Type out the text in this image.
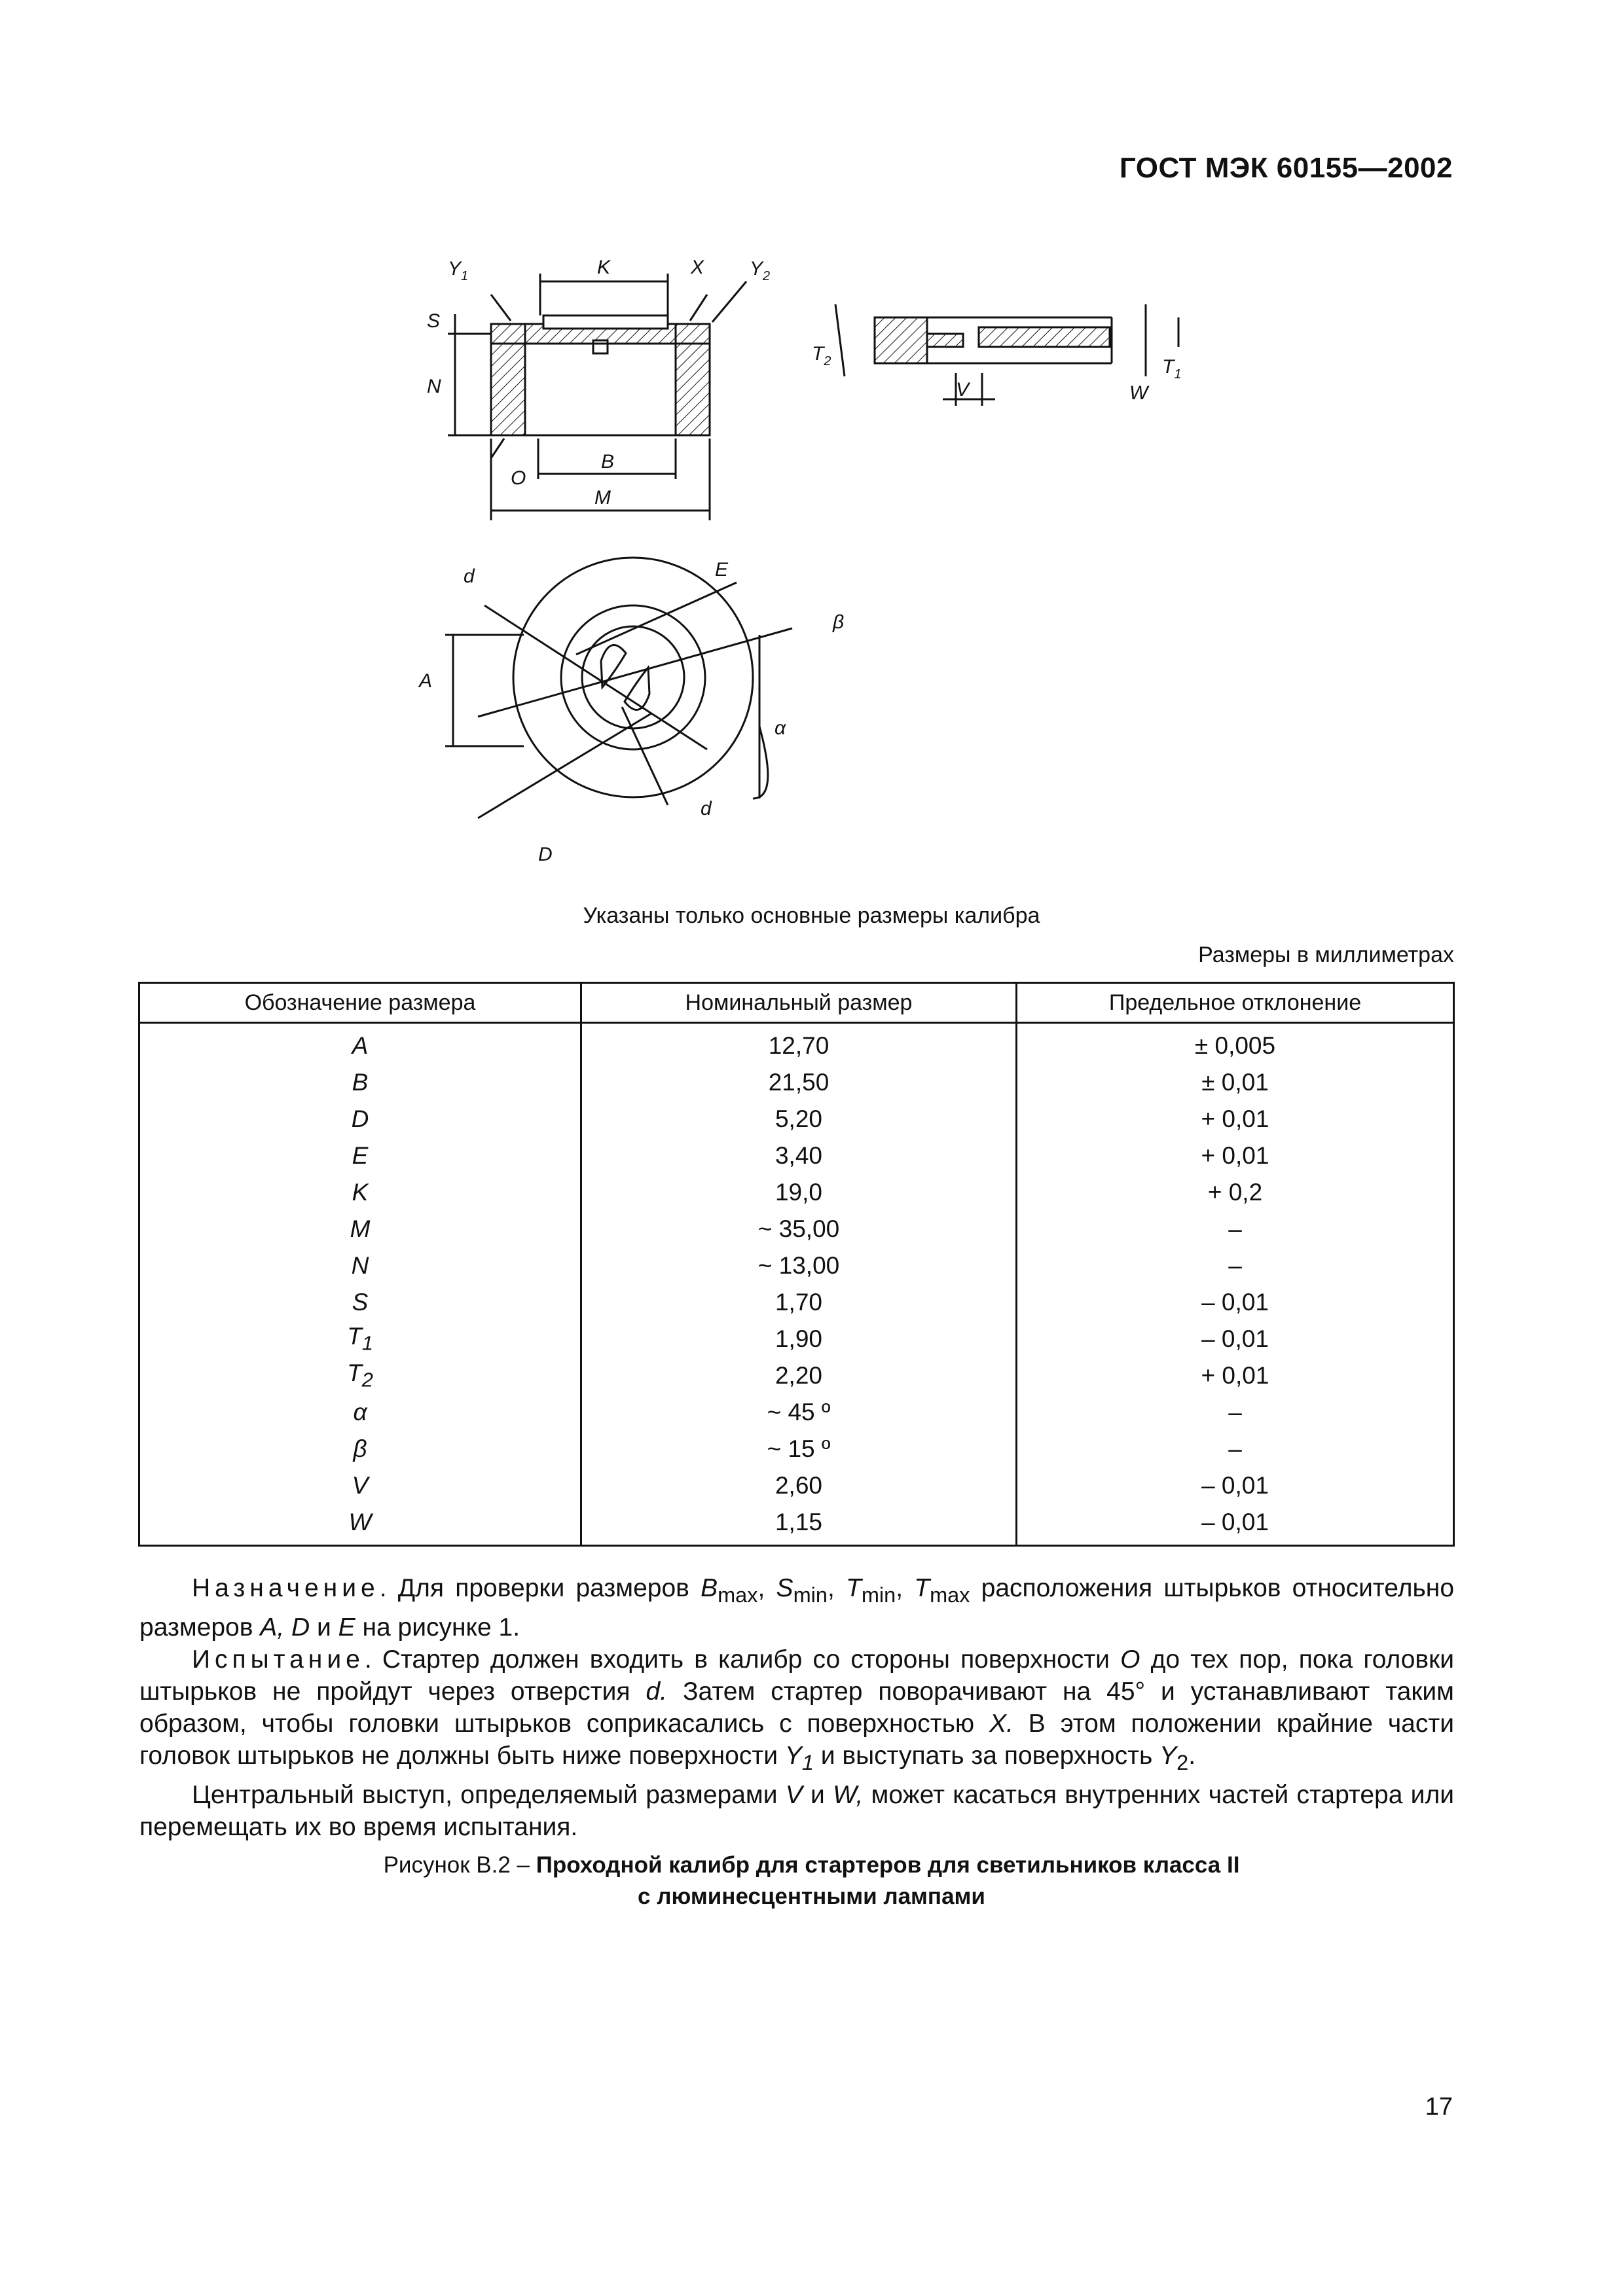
ГОСТ МЭК 60155—2002
$Y_1$	K	X $Y_2$
S
N
O
B
M
$T_2$	$T_1$
V	W
d	E
β
A
α
d
D
Указаны только основные размеры калибра
Размеры в миллиметрах
Обозначение размера	Номинальный размер	Предельное отклонение
A	12,70	± 0,005
B	21,50	± 0,01
D	5,20	+ 0,01
E	3,40	+ 0,01
K	19,0	+ 0,2
M	~ 35,00	–
N	~ 13,00	–
S	1,70	– 0,01
$T_1$	1,90	– 0,01
$T_2$	2,20	+ 0,01
α	~ 45 º	–
β	~ 15 º	–
V	2,60	– 0,01
W	1,15	– 0,01

Назначение. Для проверки размеров $B_{max}$, $S_{min}$, $T_{min}$, $T_{max}$ расположения штырьков относительно размеров A, D и E на рисунке 1.

Испытание. Стартер должен входить в калибр со стороны поверхности O до тех пор, пока головки штырьков не пройдут через отверстия d. Затем стартер поворачивают на 45° и устанавливают таким образом, чтобы головки штырьков соприкасались с поверхностью X. В этом положении крайние части головок штырьков не должны быть ниже поверхности $Y_1$ и выступать за поверхность $Y_2$.

Центральный выступ, определяемый размерами V и W, может касаться внутренних частей стартера или перемещать их во время испытания.

Рисунок В.2 – Проходной калибр для стартеров для светильников класса II
с люминесцентными лампами
17
